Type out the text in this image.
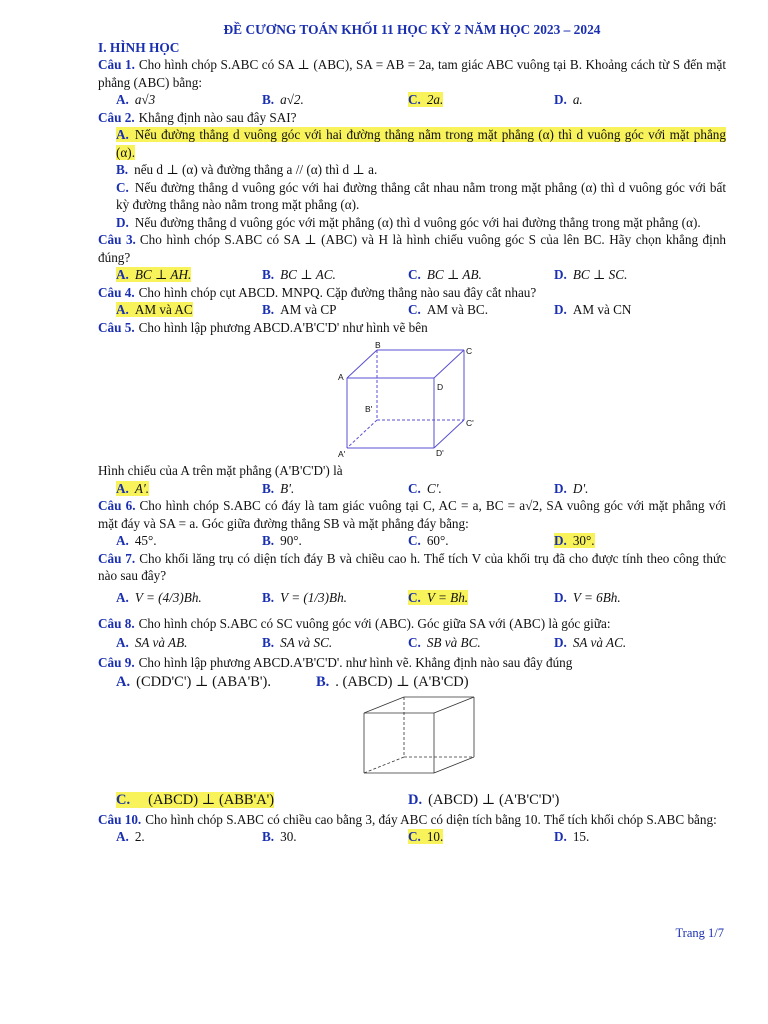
ĐỀ CƯƠNG TOÁN KHỐI 11 HỌC KỲ 2 NĂM HỌC 2023 – 2024
I. HÌNH HỌC
Câu 1. Cho hình chóp S.ABC có SA ⊥ (ABC), SA = AB = 2a, tam giác ABC vuông tại B. Khoảng cách từ S đến mặt phẳng (ABC) bằng:
A. a√3	B. a√2.	C. 2a.	D. a.
Câu 2. Khẳng định nào sau đây SAI?
A. Nếu đường thẳng d vuông góc với hai đường thẳng nằm trong mặt phẳng (α) thì d vuông góc với mặt phẳng (α).
B. nếu d ⊥ (α) và đường thẳng a // (α) thì d ⊥ a.
C. Nếu đường thẳng d vuông góc với hai đường thẳng cắt nhau nằm trong mặt phẳng (α) thì d vuông góc với bất kỳ đường thẳng nào nằm trong mặt phẳng (α).
D. Nếu đường thẳng d vuông góc với mặt phẳng (α) thì d vuông góc với hai đường thẳng trong mặt phẳng (α).
Câu 3. Cho hình chóp S.ABC có SA ⊥ (ABC) và H là hình chiếu vuông góc S của lên BC. Hãy chọn khẳng định đúng?
A. BC ⊥ AH.	B. BC ⊥ AC.	C. BC ⊥ AB.	D. BC ⊥ SC.
Câu 4. Cho hình chóp cụt ABCD. MNPQ. Cặp đường thẳng nào sau đây cắt nhau?
A. AM và AC	B. AM và CP	C. AM và BC.	D. AM và CN
Câu 5. Cho hình lập phương ABCD.A'B'C'D' như hình vẽ bên
B
C
A
D
B'
C'
A'	D'
Hình chiếu của A trên mặt phẳng (A'B'C'D') là
A. A'.	B. B'.	C. C'.	D. D'.
Câu 6. Cho hình chóp S.ABC có đáy là tam giác vuông tại C, AC = a, BC = a√2, SA vuông góc với mặt phẳng với mặt đáy và SA = a. Góc giữa đường thẳng SB và mặt phẳng đáy bằng:
A. 45°.	B. 90°.	C. 60°.	D. 30°.
Câu 7. Cho khối lăng trụ có diện tích đáy B và chiều cao h. Thể tích V của khối trụ đã cho được tính theo công thức nào sau đây?
A. V = (4/3)Bh.	B. V = (1/3)Bh.	C. V = Bh.	D. V = 6Bh.
Câu 8. Cho hình chóp S.ABC có SC vuông góc với (ABC). Góc giữa SA với (ABC) là góc giữa:
A. SA và AB.	B. SA và SC.	C. SB và BC.	D. SA và AC.
Câu 9. Cho hình lập phương ABCD.A'B'C'D'. như hình vẽ. Khẳng định nào sau đây đúng
A. (CDD'C') ⊥ (ABA'B').	B. . (ABCD) ⊥ (A'B'CD)
C. (ABCD) ⊥ (ABB'A')	D. (ABCD) ⊥ (A'B'C'D')
Câu 10. Cho hình chóp S.ABC có chiều cao bằng 3, đáy ABC có diện tích bằng 10. Thể tích khối chóp S.ABC bằng:
A. 2.	B. 30.	C. 10.	D. 15.
Trang 1/7
